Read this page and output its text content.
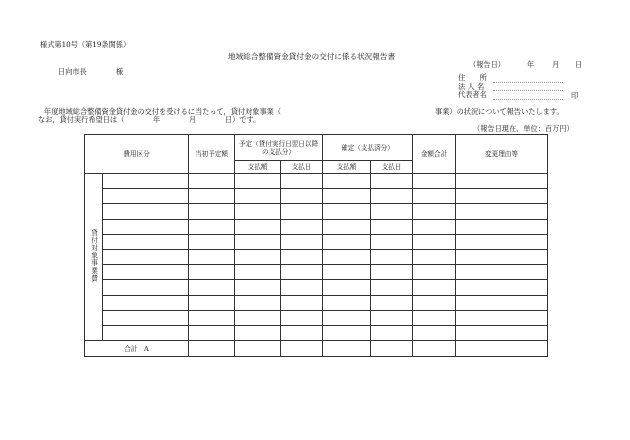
様式第10号（第19条関係）
地域総合整備資金貸付金の交付に係る状況報告書
（報告日）	年 月 日
日向市長	様
住　　所
法 人 名
代表者名	印
年度地域総合整備資金貸付金の交付を受けるに当たって，貸付対象事業（	事業）の状況について報告いたします。
なお，貸付実行希望日は（　　　　年　　　　月　　　　日）です。
（報告日現在、単位：百万円）
費用区分		当初予定額	予定（貸付実行日翌日以降の支払分）		確定（支払済分）		金額合計	変更理由等
			支払額	支払日	支払額	支払日		
貸付対象事業費								

合計　A								
